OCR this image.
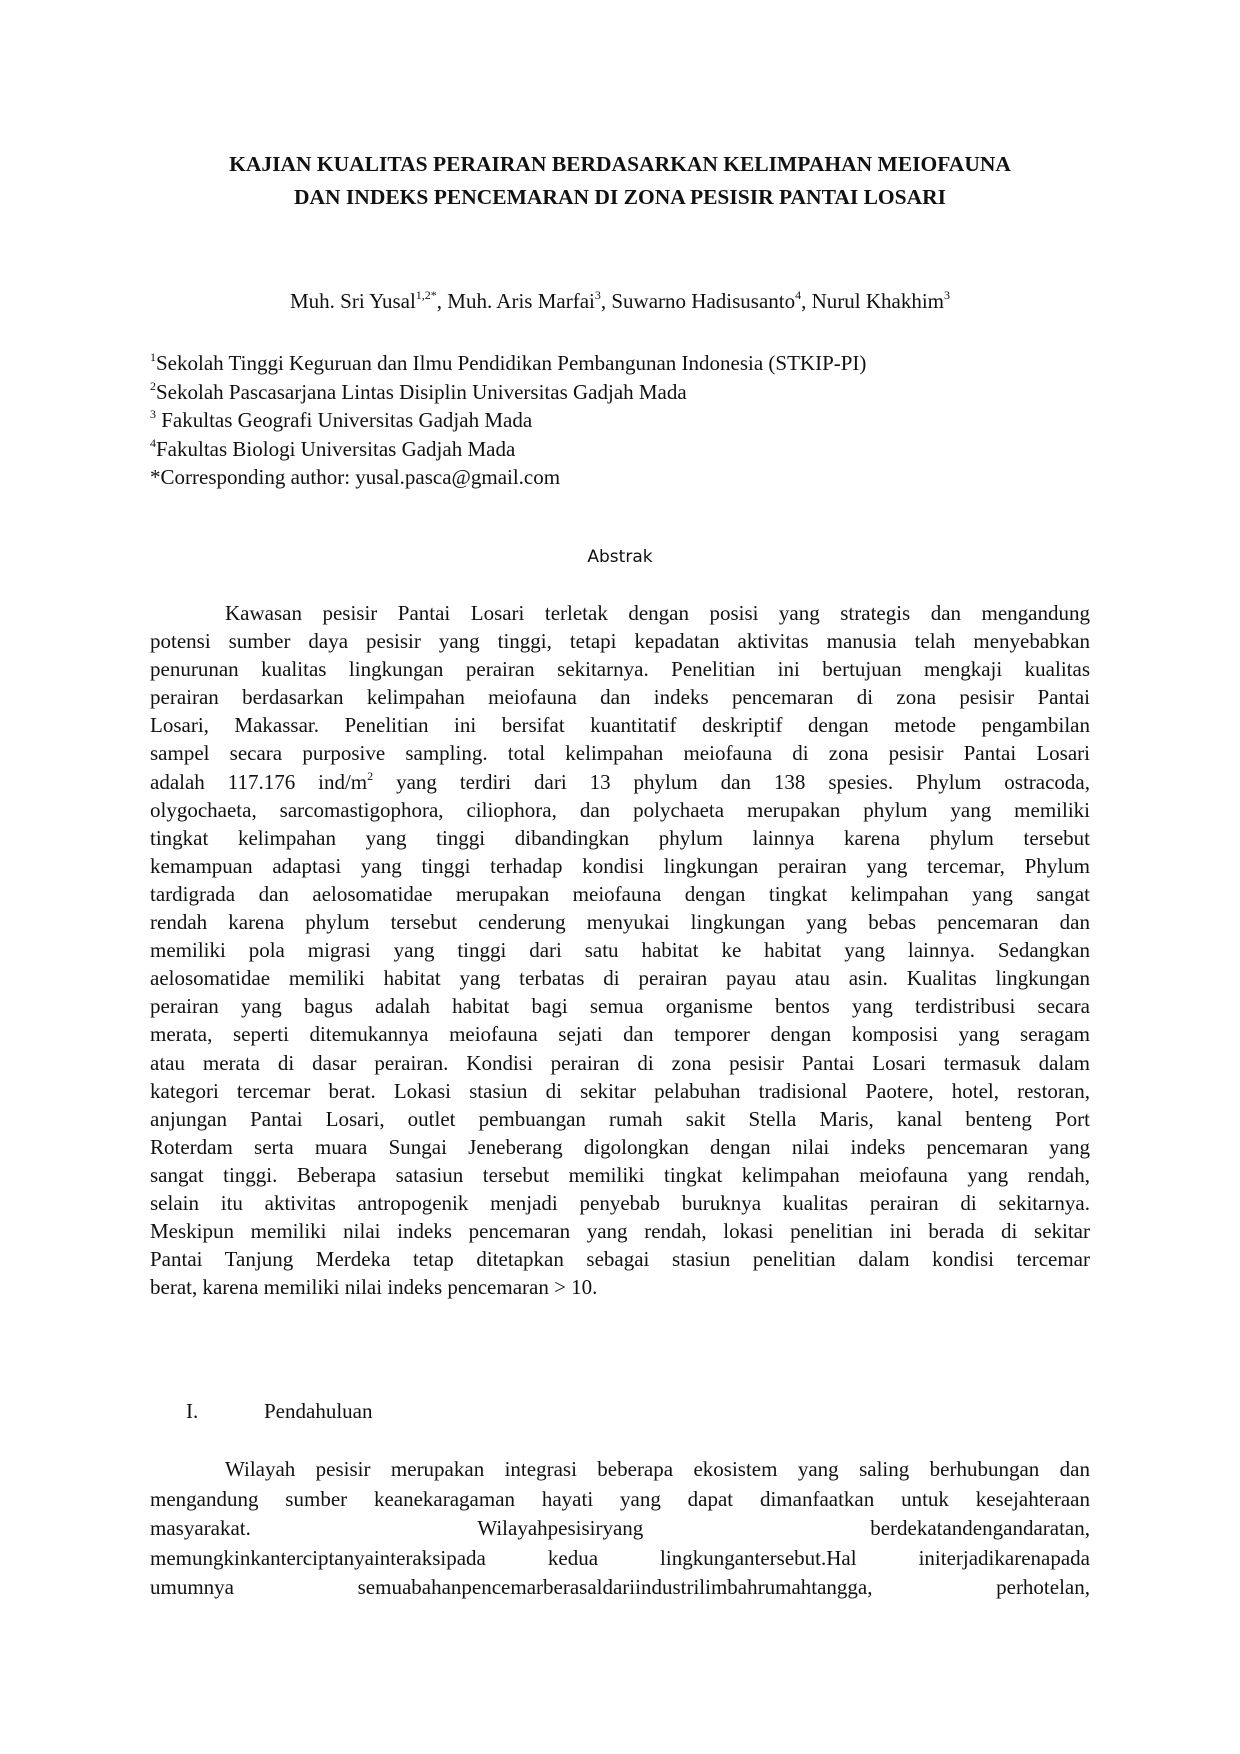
KAJIAN KUALITAS PERAIRAN BERDASARKAN KELIMPAHAN MEIOFAUNA
DAN INDEKS PENCEMARAN DI ZONA PESISIR PANTAI LOSARI
Muh. Sri Yusal$^{1,2*}$, Muh. Aris Marfai$^3$, Suwarno Hadisusanto$^4$, Nurul Khakhim$^3$
$^1$Sekolah Tinggi Keguruan dan Ilmu Pendidikan Pembangunan Indonesia (STKIP-PI)
$^2$Sekolah Pascasarjana Lintas Disiplin Universitas Gadjah Mada
$^3$ Fakultas Geografi Universitas Gadjah Mada
$^4$Fakultas Biologi Universitas Gadjah Mada
*Corresponding author: yusal.pasca@gmail.com
Abstrak
Kawasan pesisir Pantai Losari terletak dengan posisi yang strategis dan mengandung
potensi sumber daya pesisir yang tinggi, tetapi kepadatan aktivitas manusia telah menyebabkan
penurunan kualitas lingkungan perairan sekitarnya. Penelitian ini bertujuan mengkaji kualitas
perairan berdasarkan kelimpahan meiofauna dan indeks pencemaran di zona pesisir Pantai
Losari, Makassar. Penelitian ini bersifat kuantitatif deskriptif dengan metode pengambilan
sampel secara purposive sampling. total kelimpahan meiofauna di zona pesisir Pantai Losari
adalah 117.176 ind/$m^2$ yang terdiri dari 13 phylum dan 138 spesies. Phylum ostracoda,
olygochaeta, sarcomastigophora, ciliophora, dan polychaeta merupakan phylum yang memiliki
tingkat kelimpahan yang tinggi dibandingkan phylum lainnya karena phylum tersebut
kemampuan adaptasi yang tinggi terhadap kondisi lingkungan perairan yang tercemar, Phylum
tardigrada dan aelosomatidae merupakan meiofauna dengan tingkat kelimpahan yang sangat
rendah karena phylum tersebut cenderung menyukai lingkungan yang bebas pencemaran dan
memiliki pola migrasi yang tinggi dari satu habitat ke habitat yang lainnya. Sedangkan
aelosomatidae memiliki habitat yang terbatas di perairan payau atau asin. Kualitas lingkungan
perairan yang bagus adalah habitat bagi semua organisme bentos yang terdistribusi secara
merata, seperti ditemukannya meiofauna sejati dan temporer dengan komposisi yang seragam
atau merata di dasar perairan. Kondisi perairan di zona pesisir Pantai Losari termasuk dalam
kategori tercemar berat. Lokasi stasiun di sekitar pelabuhan tradisional Paotere, hotel, restoran,
anjungan Pantai Losari, outlet pembuangan rumah sakit Stella Maris, kanal benteng Port
Roterdam serta muara Sungai Jeneberang digolongkan dengan nilai indeks pencemaran yang
sangat tinggi. Beberapa satasiun tersebut memiliki tingkat kelimpahan meiofauna yang rendah,
selain itu aktivitas antropogenik menjadi penyebab buruknya kualitas perairan di sekitarnya.
Meskipun memiliki nilai indeks pencemaran yang rendah, lokasi penelitian ini berada di sekitar
Pantai Tanjung Merdeka tetap ditetapkan sebagai stasiun penelitian dalam kondisi tercemar
berat, karena memiliki nilai indeks pencemaran > 10.
I.	Pendahuluan
Wilayah pesisir merupakan integrasi beberapa ekosistem yang saling berhubungan dan
mengandung sumber keanekaragaman hayati yang dapat dimanfaatkan untuk kesejahteraan
masyarakat. Wilayahpesisiryang berdekatandengandaratan,
memungkinkanterciptanyainteraksipada kedua lingkungantersebut.Hal initerjadikarenapada
umumnya semuabahanpencemarberasaldariindustrilimbahrumahtangga, perhotelan,
